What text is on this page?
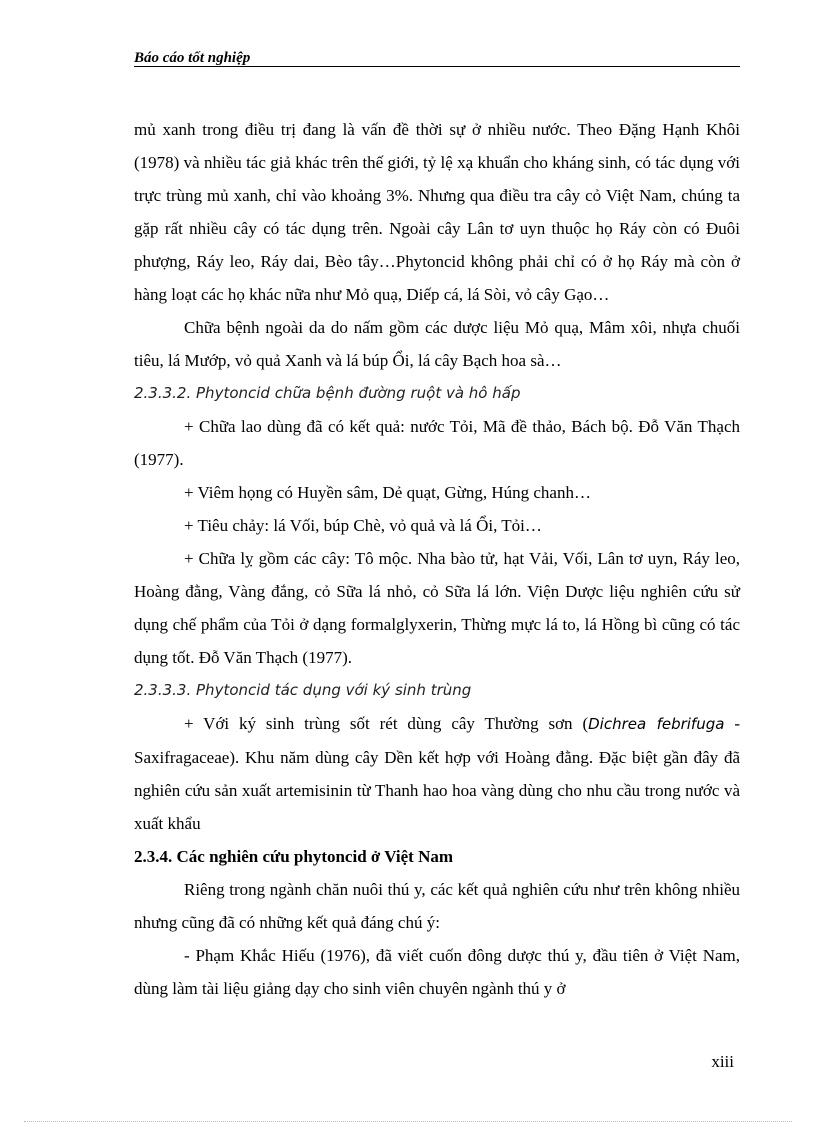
Báo cáo tốt nghiệp

mủ xanh trong điều trị đang là vấn đề thời sự ở nhiều nước. Theo Đặng Hạnh Khôi (1978) và nhiều tác giả khác trên thế giới, tỷ lệ xạ khuẩn cho kháng sinh, có tác dụng với trực trùng mủ xanh, chỉ vào khoảng 3%. Nhưng qua điều tra cây cỏ Việt Nam, chúng ta gặp rất nhiều cây có tác dụng trên. Ngoài cây Lân tơ uyn thuộc họ Ráy còn có Đuôi phượng, Ráy leo, Ráy dai, Bèo tây…Phytoncid không phải chỉ có ở họ Ráy mà còn ở hàng loạt các họ khác nữa như Mỏ quạ, Diếp cá, lá Sòi, vỏ cây Gạo…

Chữa bệnh ngoài da do nấm gồm các dược liệu Mỏ quạ, Mâm xôi, nhựa chuối tiêu, lá Mướp, vỏ quả Xanh và lá búp Ổi, lá cây Bạch hoa sà…

2.3.3.2. Phytoncid chữa bệnh đường ruột và hô hấp

+ Chữa lao dùng đã có kết quả: nước Tỏi, Mã đề thảo, Bách bộ. Đỗ Văn Thạch (1977).

+ Viêm họng có Huyền sâm, Dẻ quạt, Gừng, Húng chanh…

+ Tiêu chảy: lá Vối, búp Chè, vỏ quả và lá Ổi, Tỏi…

+ Chữa lỵ gồm các cây: Tô mộc. Nha bào tử, hạt Vải, Vối, Lân tơ uyn, Ráy leo, Hoàng đằng, Vàng đắng, cỏ Sữa lá nhỏ, cỏ Sữa lá lớn. Viện Dược liệu nghiên cứu sử dụng chế phẩm của Tỏi ở dạng formalglyxerin, Thừng mực lá to, lá Hồng bì cũng có tác dụng tốt. Đỗ Văn Thạch (1977).

2.3.3.3. Phytoncid tác dụng với ký sinh trùng

+ Với ký sinh trùng sốt rét dùng cây Thường sơn (Dichrea febrifuga - Saxifragaceae). Khu năm dùng cây Dền kết hợp với Hoàng đằng. Đặc biệt gần đây đã nghiên cứu sản xuất artemisinin từ Thanh hao hoa vàng dùng cho nhu cầu trong nước và xuất khẩu

2.3.4. Các nghiên cứu phytoncid ở Việt Nam

Riêng trong ngành chăn nuôi thú y, các kết quả nghiên cứu như trên không nhiều nhưng cũng đã có những kết quả đáng chú ý:

- Phạm Khắc Hiếu (1976), đã viết cuốn đông dược thú y, đầu tiên ở Việt Nam, dùng làm tài liệu giảng dạy cho sinh viên chuyên ngành thú y ở

xiii
